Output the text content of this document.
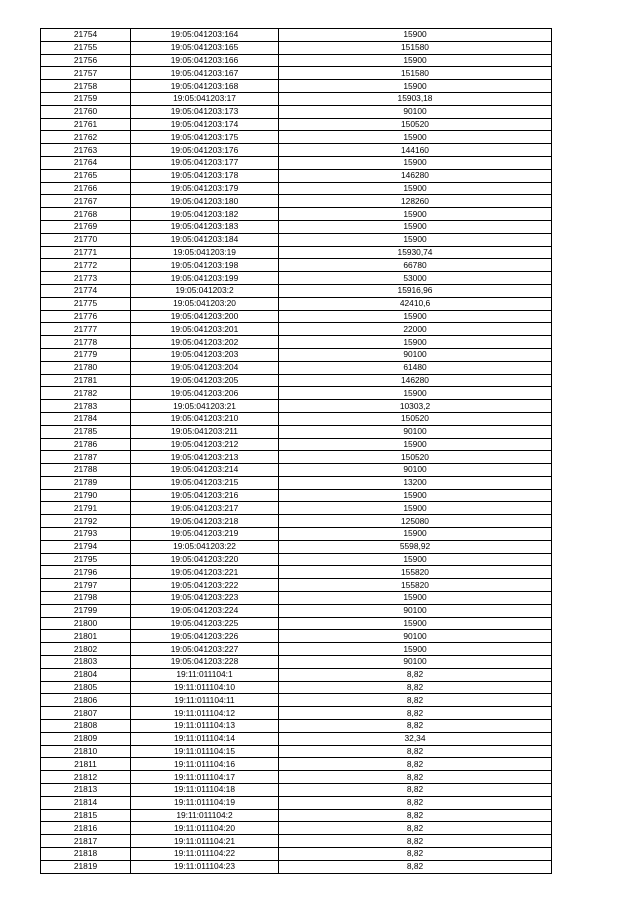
21754	19:05:041203:164	15900
21755	19:05:041203:165	151580
21756	19:05:041203:166	15900
21757	19:05:041203:167	151580
21758	19:05:041203:168	15900
21759	19:05:041203:17	15903,18
21760	19:05:041203:173	90100
21761	19:05:041203:174	150520
21762	19:05:041203:175	15900
21763	19:05:041203:176	144160
21764	19:05:041203:177	15900
21765	19:05:041203:178	146280
21766	19:05:041203:179	15900
21767	19:05:041203:180	128260
21768	19:05:041203:182	15900
21769	19:05:041203:183	15900
21770	19:05:041203:184	15900
21771	19:05:041203:19	15930,74
21772	19:05:041203:198	66780
21773	19:05:041203:199	53000
21774	19:05:041203:2	15916,96
21775	19:05:041203:20	42410,6
21776	19:05:041203:200	15900
21777	19:05:041203:201	22000
21778	19:05:041203:202	15900
21779	19:05:041203:203	90100
21780	19:05:041203:204	61480
21781	19:05:041203:205	146280
21782	19:05:041203:206	15900
21783	19:05:041203:21	10303,2
21784	19:05:041203:210	150520
21785	19:05:041203:211	90100
21786	19:05:041203:212	15900
21787	19:05:041203:213	150520
21788	19:05:041203:214	90100
21789	19:05:041203:215	13200
21790	19:05:041203:216	15900
21791	19:05:041203:217	15900
21792	19:05:041203:218	125080
21793	19:05:041203:219	15900
21794	19:05:041203:22	5598,92
21795	19:05:041203:220	15900
21796	19:05:041203:221	155820
21797	19:05:041203:222	155820
21798	19:05:041203:223	15900
21799	19:05:041203:224	90100
21800	19:05:041203:225	15900
21801	19:05:041203:226	90100
21802	19:05:041203:227	15900
21803	19:05:041203:228	90100
21804	19:11:011104:1	8,82
21805	19:11:011104:10	8,82
21806	19:11:011104:11	8,82
21807	19:11:011104:12	8,82
21808	19:11:011104:13	8,82
21809	19:11:011104:14	32,34
21810	19:11:011104:15	8,82
21811	19:11:011104:16	8,82
21812	19:11:011104:17	8,82
21813	19:11:011104:18	8,82
21814	19:11:011104:19	8,82
21815	19:11:011104:2	8,82
21816	19:11:011104:20	8,82
21817	19:11:011104:21	8,82
21818	19:11:011104:22	8,82
21819	19:11:011104:23	8,82
